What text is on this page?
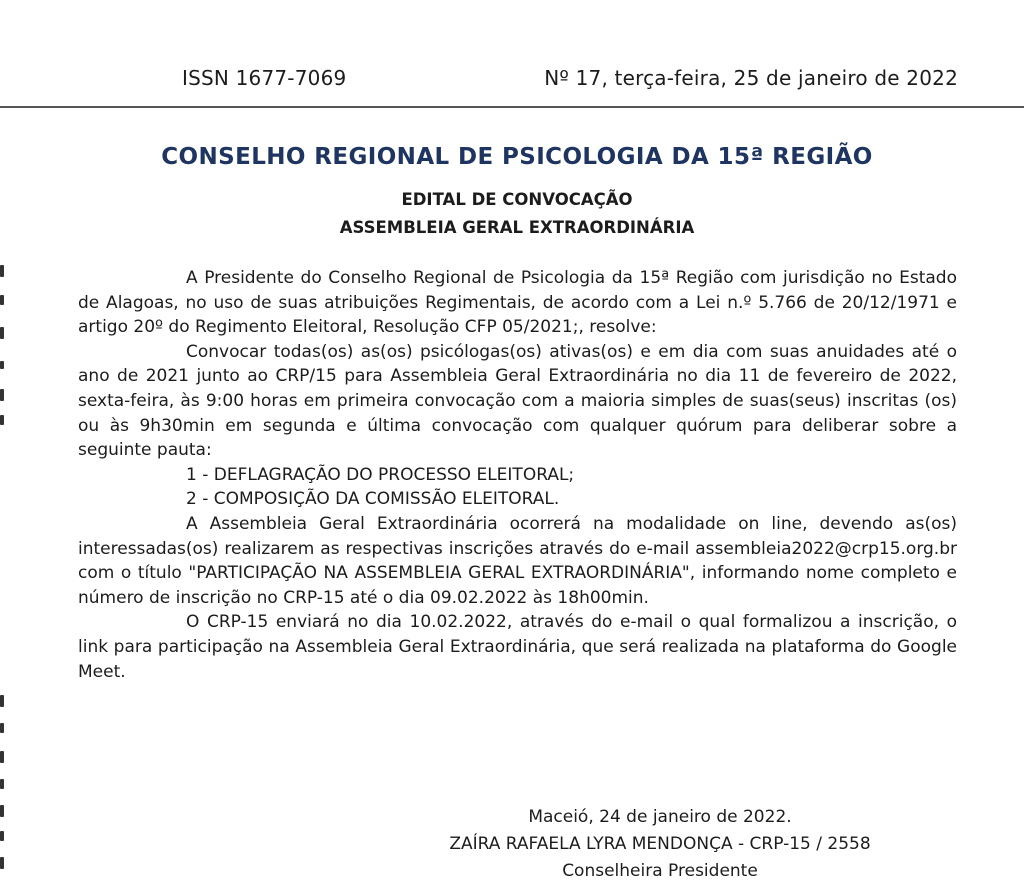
ISSN 1677-7069	Nº 17, terça-feira, 25 de janeiro de 2022
CONSELHO REGIONAL DE PSICOLOGIA DA 15ª REGIÃO
EDITAL DE CONVOCAÇÃO
ASSEMBLEIA GERAL EXTRAORDINÁRIA

A Presidente do Conselho Regional de Psicologia da 15ª Região com jurisdição no Estado de Alagoas, no uso de suas atribuições Regimentais, de acordo com a Lei n.º 5.766 de 20/12/1971 e artigo 20º do Regimento Eleitoral, Resolução CFP 05/2021;, resolve:

Convocar todas(os) as(os) psicólogas(os) ativas(os) e em dia com suas anuidades até o ano de 2021 junto ao CRP/15 para Assembleia Geral Extraordinária no dia 11 de fevereiro de 2022, sexta-feira, às 9:00 horas em primeira convocação com a maioria simples de suas(seus) inscritas (os) ou às 9h30min em segunda e última convocação com qualquer quórum para deliberar sobre a seguinte pauta:

1 - DEFLAGRAÇÃO DO PROCESSO ELEITORAL;
2 - COMPOSIÇÃO DA COMISSÃO ELEITORAL.

A Assembleia Geral Extraordinária ocorrerá na modalidade on line, devendo as(os) interessadas(os) realizarem as respectivas inscrições através do e-mail assembleia2022@crp15.org.br com o título "PARTICIPAÇÃO NA ASSEMBLEIA GERAL EXTRAORDINÁRIA", informando nome completo e número de inscrição no CRP-15 até o dia 09.02.2022 às 18h00min.

O CRP-15 enviará no dia 10.02.2022, através do e-mail o qual formalizou a inscrição, o link para participação na Assembleia Geral Extraordinária, que será realizada na plataforma do Google Meet.

Maceió, 24 de janeiro de 2022.
ZAÍRA RAFAELA LYRA MENDONÇA - CRP-15 / 2558
Conselheira Presidente
